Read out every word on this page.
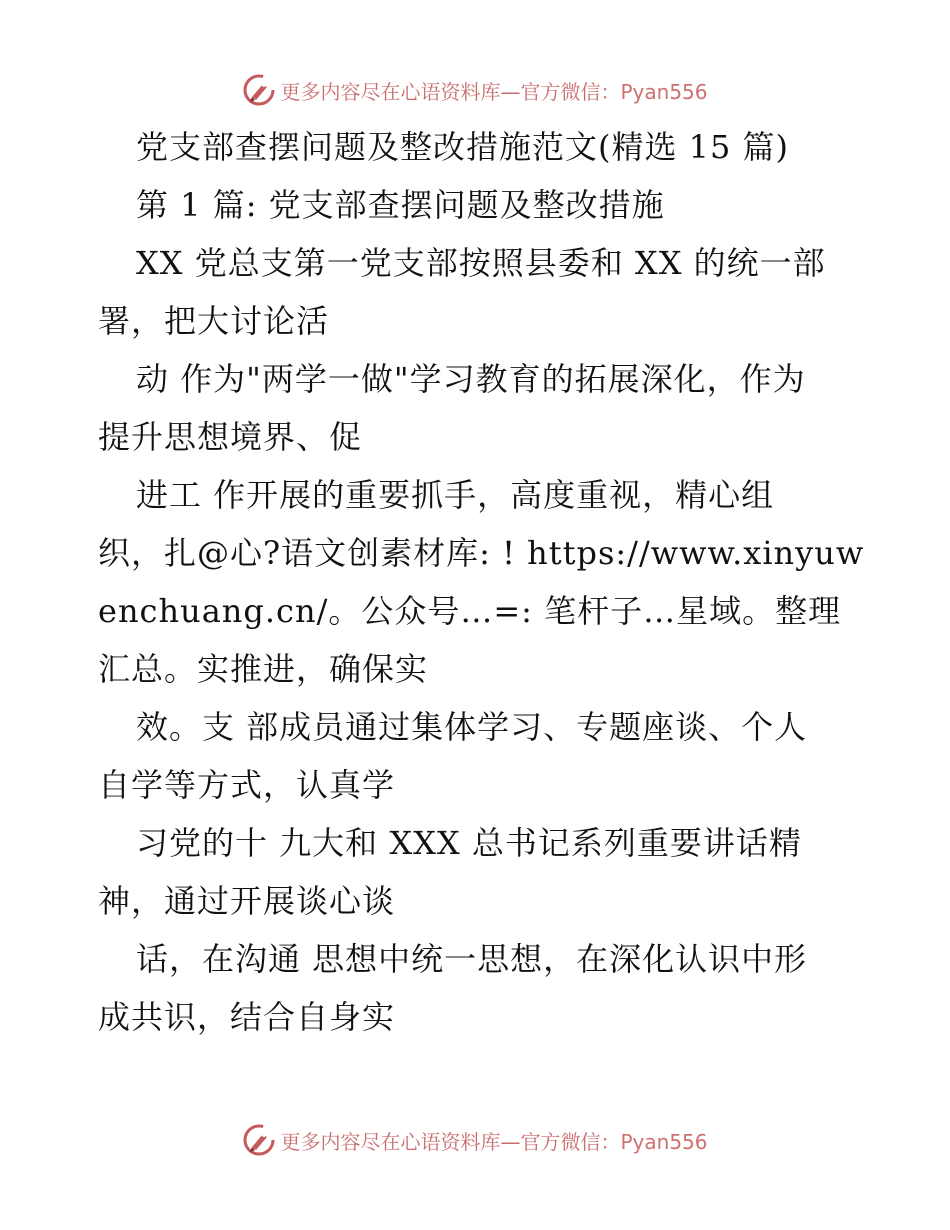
更多内容尽在心语资料库—官方微信：Pyan556
党支部查摆问题及整改措施范文(精选 15 篇)
第 1 篇: 党支部查摆问题及整改措施
XX 党总支第一党支部按照县委和 XX 的统一部
署，把大讨论活
动 作为"两学一做"学习教育的拓展深化，作为
提升思想境界、促
进工 作开展的重要抓手，高度重视，精心组
织，扎@心?语文创素材库: ! https://www.xinyuw
enchuang.cn/。公众号…=: 笔杆子…星域。整理
汇总。实推进，确保实
效。支 部成员通过集体学习、专题座谈、个人
自学等方式，认真学
习党的十 九大和 XXX 总书记系列重要讲话精
神，通过开展谈心谈
话，在沟通 思想中统一思想，在深化认识中形
成共识，结合自身实
更多内容尽在心语资料库—官方微信：Pyan556
